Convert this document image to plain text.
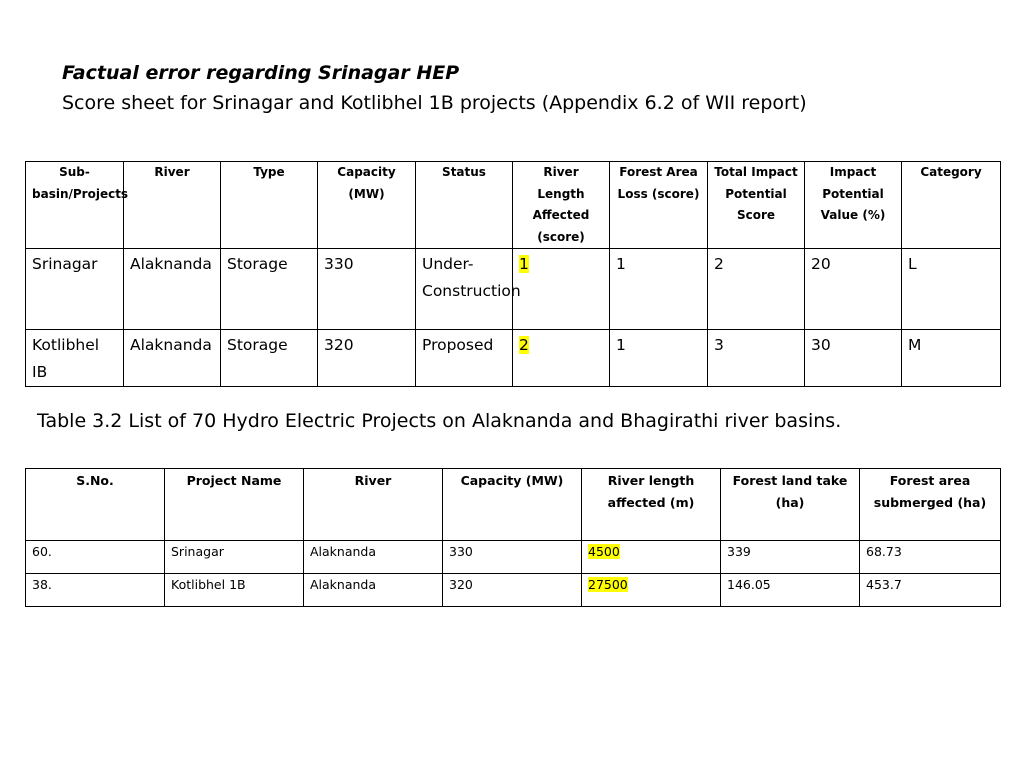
Factual error regarding Srinagar HEP
Score sheet for Srinagar and Kotlibhel 1B projects (Appendix 6.2 of WII report)
Sub-basin/Projects	River	Type	Capacity (MW)	Status	River Length Affected (score)	Forest Area Loss (score)	Total Impact Potential Score	Impact Potential Value (%)	Category
Srinagar	Alaknanda	Storage	330	Under-Construction	1	1	2	20	L
Kotlibhel IB	Alaknanda	Storage	320	Proposed	2	1	3	30	M
Table 3.2 List of 70 Hydro Electric Projects on Alaknanda and Bhagirathi river basins.
S.No.	Project Name	River	Capacity (MW)	River length affected (m)	Forest land take (ha)	Forest area submerged (ha)
60.	Srinagar	Alaknanda	330	4500	339	68.73
38.	Kotlibhel 1B	Alaknanda	320	27500	146.05	453.7
